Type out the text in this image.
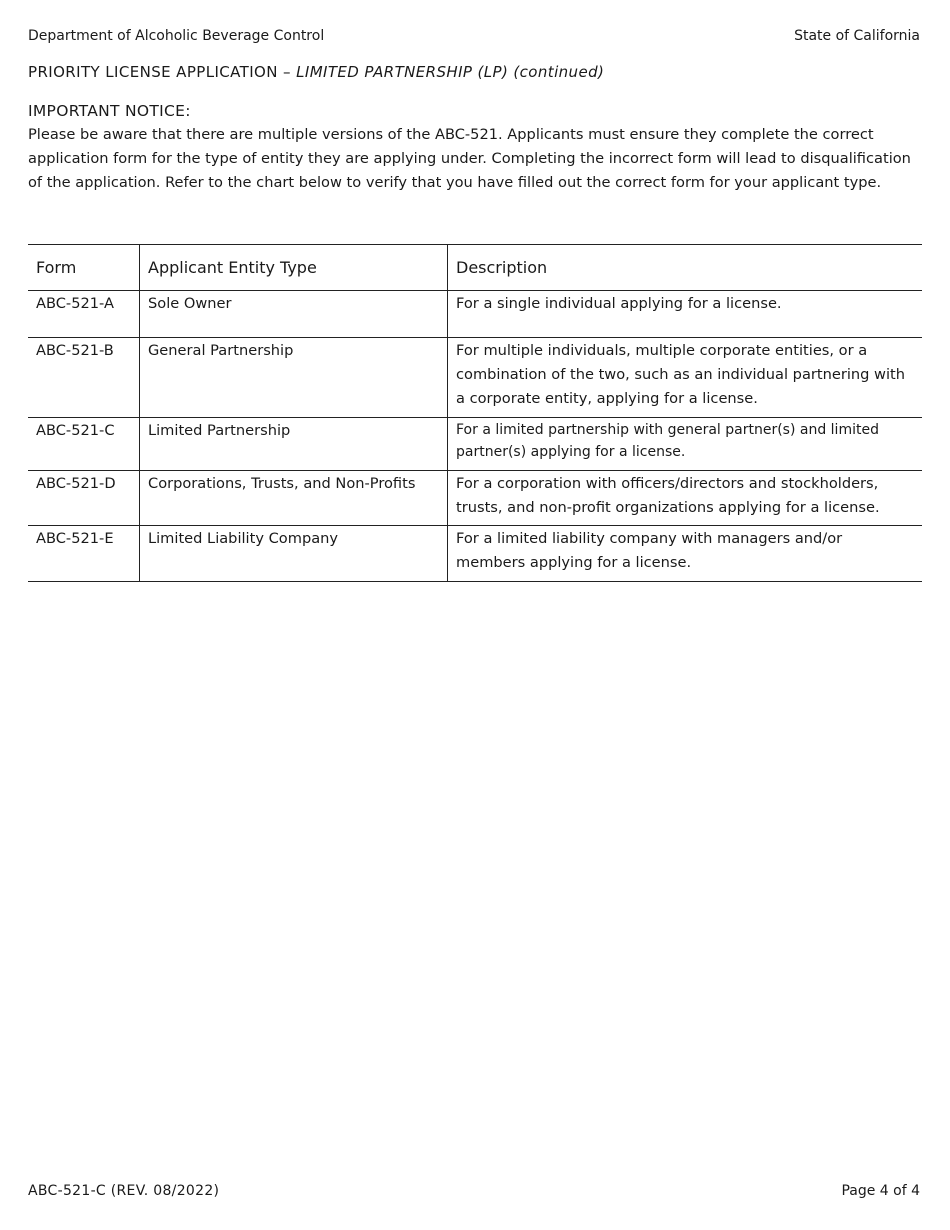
Department of Alcoholic Beverage Control	State of California
PRIORITY LICENSE APPLICATION – LIMITED PARTNERSHIP (LP) (continued)
IMPORTANT NOTICE:
Please be aware that there are multiple versions of the ABC-521. Applicants must ensure they complete the correct application form for the type of entity they are applying under. Completing the incorrect form will lead to disqualification of the application. Refer to the chart below to verify that you have filled out the correct form for your applicant type.
Form	Applicant Entity Type	Description
ABC-521-A	Sole Owner	For a single individual applying for a license.
ABC-521-B	General Partnership	For multiple individuals, multiple corporate entities, or a combination of the two, such as an individual partnering with a corporate entity, applying for a license.
ABC-521-C	Limited Partnership	For a limited partnership with general partner(s) and limited partner(s) applying for a license.
ABC-521-D	Corporations, Trusts, and Non-Profits	For a corporation with officers/directors and stockholders, trusts, and non-profit organizations applying for a license.
ABC-521-E	Limited Liability Company	For a limited liability company with managers and/or members applying for a license.
ABC-521-C (REV. 08/2022)	Page 4 of 4
